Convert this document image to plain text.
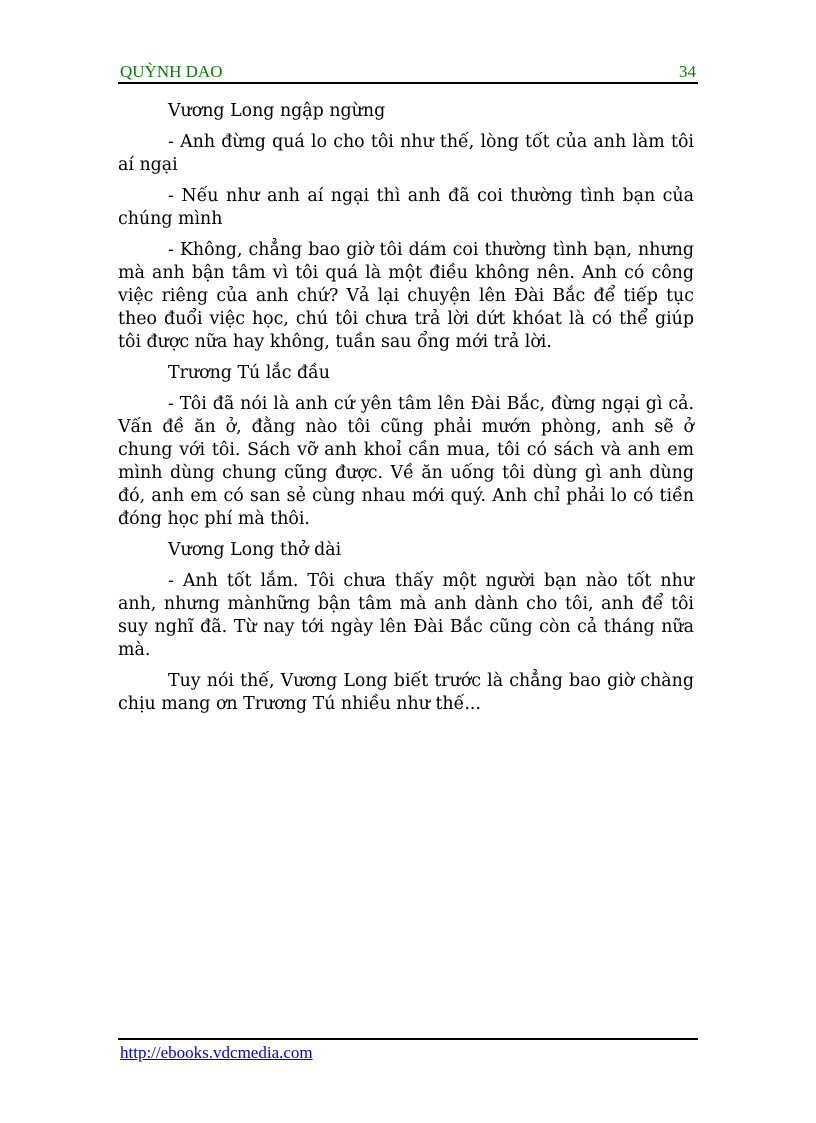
QUỲNH DAO	34

Vương Long ngập ngừng

- Anh đừng quá lo cho tôi như thế, lòng tốt của anh làm tôi aí ngại

- Nếu như anh aí ngại thì anh đã coi thường tình bạn của chúng mình

- Không, chẳng bao giờ tôi dám coi thường tình bạn, nhưng mà anh bận tâm vì tôi quá là một điều không nên. Anh có công việc riêng của anh chứ? Vả lại chuyện lên Đài Bắc để tiếp tục theo đuổi việc học, chú tôi chưa trả lời dứt khóat là có thể giúp tôi được nữa hay không, tuần sau ổng mới trả lời.

Trương Tú lắc đầu

- Tôi đã nói là anh cứ yên tâm lên Đài Bắc, đừng ngại gì cả. Vấn đề ăn ở, đằng nào tôi cũng phải mướn phòng, anh sẽ ở chung với tôi. Sách vỡ anh khoỉ cần mua, tôi có sách và anh em mình dùng chung cũng được. Về ăn uống tôi dùng gì anh dùng đó, anh em có san sẻ cùng nhau mới quý. Anh chỉ phải lo có tiền đóng học phí mà thôi.

Vương Long thở dài

- Anh tốt lắm. Tôi chưa thấy một người bạn nào tốt như anh, nhưng mànhững bận tâm mà anh dành cho tôi, anh để tôi suy nghĩ đã. Từ nay tới ngày lên Đài Bắc cũng còn cả tháng nữa mà.

Tuy nói thế, Vương Long biết trước là chẳng bao giờ chàng chịu mang ơn Trương Tú nhiều như thế...

http://ebooks.vdcmedia.com
